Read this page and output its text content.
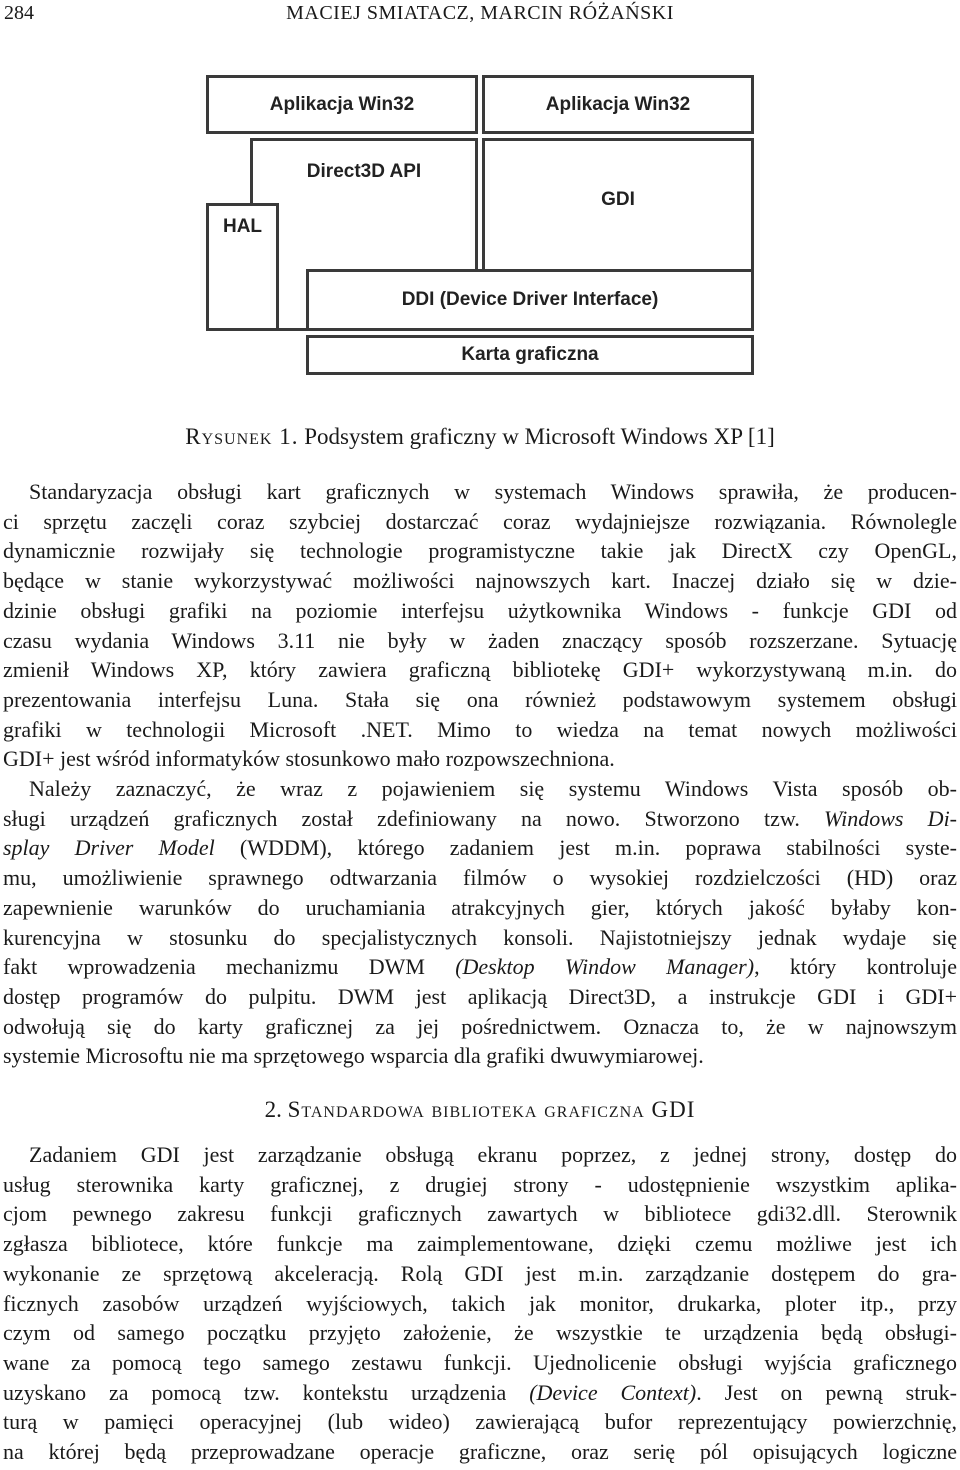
284	MACIEJ SMIATACZ, MARCIN RÓŻAŃSKI
Aplikacja Win32	Aplikacja Win32
Direct3D API
GDI
HAL
DDI (Device Driver Interface)
Karta graficzna
Rysunek 1. Podsystem graficzny w Microsoft Windows XP [1]
Standaryzacja obsługi kart graficznych w systemach Windows sprawiła, że producen-
ci sprzętu zaczęli coraz szybciej dostarczać coraz wydajniejsze rozwiązania. Równolegle
dynamicznie rozwijały się technologie programistyczne takie jak DirectX czy OpenGL,
będące w stanie wykorzystywać możliwości najnowszych kart. Inaczej działo się w dzie-
dzinie obsługi grafiki na poziomie interfejsu użytkownika Windows - funkcje GDI od
czasu wydania Windows 3.11 nie były w żaden znaczący sposób rozszerzane. Sytuację
zmienił Windows XP, który zawiera graficzną bibliotekę GDI+ wykorzystywaną m.in. do
prezentowania interfejsu Luna. Stała się ona również podstawowym systemem obsługi
grafiki w technologii Microsoft .NET. Mimo to wiedza na temat nowych możliwości
GDI+ jest wśród informatyków stosunkowo mało rozpowszechniona.
Należy zaznaczyć, że wraz z pojawieniem się systemu Windows Vista sposób ob-
sługi urządzeń graficznych został zdefiniowany na nowo. Stworzono tzw. Windows Di-
splay Driver Model (WDDM), którego zadaniem jest m.in. poprawa stabilności syste-
mu, umożliwienie sprawnego odtwarzania filmów o wysokiej rozdzielczości (HD) oraz
zapewnienie warunków do uruchamiania atrakcyjnych gier, których jakość byłaby kon-
kurencyjna w stosunku do specjalistycznych konsoli. Najistotniejszy jednak wydaje się
fakt wprowadzenia mechanizmu DWM (Desktop Window Manager), który kontroluje
dostęp programów do pulpitu. DWM jest aplikacją Direct3D, a instrukcje GDI i GDI+
odwołują się do karty graficznej za jej pośrednictwem. Oznacza to, że w najnowszym
systemie Microsoftu nie ma sprzętowego wsparcia dla grafiki dwuwymiarowej.
2. Standardowa biblioteka graficzna GDI
Zadaniem GDI jest zarządzanie obsługą ekranu poprzez, z jednej strony, dostęp do
usług sterownika karty graficznej, z drugiej strony - udostępnienie wszystkim aplika-
cjom pewnego zakresu funkcji graficznych zawartych w bibliotece gdi32.dll. Sterownik
zgłasza bibliotece, które funkcje ma zaimplementowane, dzięki czemu możliwe jest ich
wykonanie ze sprzętową akceleracją. Rolą GDI jest m.in. zarządzanie dostępem do gra-
ficznych zasobów urządzeń wyjściowych, takich jak monitor, drukarka, ploter itp., przy
czym od samego początku przyjęto założenie, że wszystkie te urządzenia będą obsługi-
wane za pomocą tego samego zestawu funkcji. Ujednolicenie obsługi wyjścia graficznego
uzyskano za pomocą tzw. kontekstu urządzenia (Device Context). Jest on pewną struk-
turą w pamięci operacyjnej (lub wideo) zawierającą bufor reprezentujący powierzchnię,
na której będą przeprowadzane operacje graficzne, oraz serię pól opisujących logiczne
